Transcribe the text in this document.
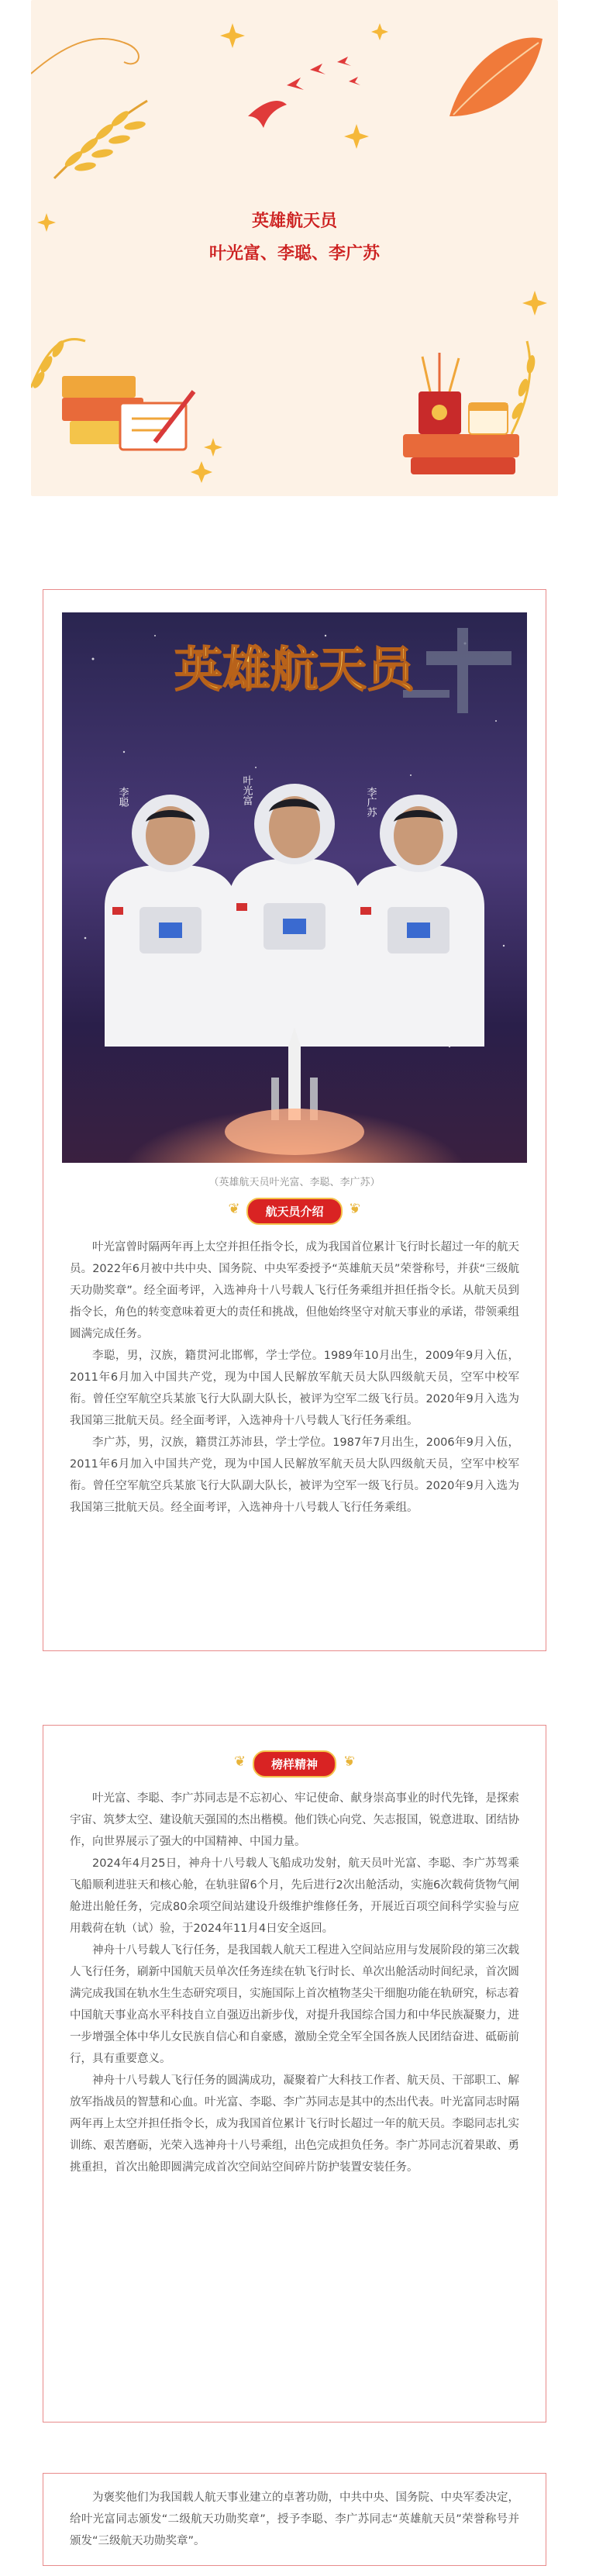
英雄航天员
叶光富、李聪、李广苏
英雄航天员
李聪	叶光富	李广苏
（英雄航天员叶光富、李聪、李广苏）
❦ 航天员介绍 ❦

叶光富曾时隔两年再上太空并担任指令长，成为我国首位累计飞行时长超过一年的航天员。2022年6月被中共中央、国务院、中央军委授予“英雄航天员”荣誉称号，并获“三级航天功勋奖章”。经全面考评，入选神舟十八号载人飞行任务乘组并担任指令长。从航天员到指令长，角色的转变意味着更大的责任和挑战，但他始终坚守对航天事业的承诺，带领乘组圆满完成任务。

李聪，男，汉族，籍贯河北邯郸，学士学位。1989年10月出生，2009年9月入伍，2011年6月加入中国共产党，现为中国人民解放军航天员大队四级航天员，空军中校军衔。曾任空军航空兵某旅飞行大队副大队长，被评为空军二级飞行员。2020年9月入选为我国第三批航天员。经全面考评，入选神舟十八号载人飞行任务乘组。

李广苏，男，汉族，籍贯江苏沛县，学士学位。1987年7月出生，2006年9月入伍，2011年6月加入中国共产党，现为中国人民解放军航天员大队四级航天员，空军中校军衔。曾任空军航空兵某旅飞行大队副大队长，被评为空军一级飞行员。2020年9月入选为我国第三批航天员。经全面考评，入选神舟十八号载人飞行任务乘组。

❦ 榜样精神 ❦

叶光富、李聪、李广苏同志是不忘初心、牢记使命、献身崇高事业的时代先锋，是探索宇宙、筑梦太空、建设航天强国的杰出楷模。他们铁心向党、矢志报国，锐意进取、团结协作，向世界展示了强大的中国精神、中国力量。

2024年4月25日，神舟十八号载人飞船成功发射，航天员叶光富、李聪、李广苏驾乘飞船顺利进驻天和核心舱，在轨驻留6个月，先后进行2次出舱活动，实施6次载荷货物气闸舱进出舱任务，完成80余项空间站建设升级维护维修任务，开展近百项空间科学实验与应用载荷在轨（试）验，于2024年11月4日安全返回。

神舟十八号载人飞行任务，是我国载人航天工程进入空间站应用与发展阶段的第三次载人飞行任务，刷新中国航天员单次任务连续在轨飞行时长、单次出舱活动时间纪录，首次圆满完成我国在轨水生生态研究项目，实施国际上首次植物茎尖干细胞功能在轨研究，标志着中国航天事业高水平科技自立自强迈出新步伐，对提升我国综合国力和中华民族凝聚力，进一步增强全体中华儿女民族自信心和自豪感，激励全党全军全国各族人民团结奋进、砥砺前行，具有重要意义。

神舟十八号载人飞行任务的圆满成功，凝聚着广大科技工作者、航天员、干部职工、解放军指战员的智慧和心血。叶光富、李聪、李广苏同志是其中的杰出代表。叶光富同志时隔两年再上太空并担任指令长，成为我国首位累计飞行时长超过一年的航天员。李聪同志扎实训练、艰苦磨砺，光荣入选神舟十八号乘组，出色完成担负任务。李广苏同志沉着果敢、勇挑重担，首次出舱即圆满完成首次空间站空间碎片防护装置安装任务。

为褒奖他们为我国载人航天事业建立的卓著功勋，中共中央、国务院、中央军委决定，给叶光富同志颁发“二级航天功勋奖章”，授予李聪、李广苏同志“英雄航天员”荣誉称号并颁发“三级航天功勋奖章”。
